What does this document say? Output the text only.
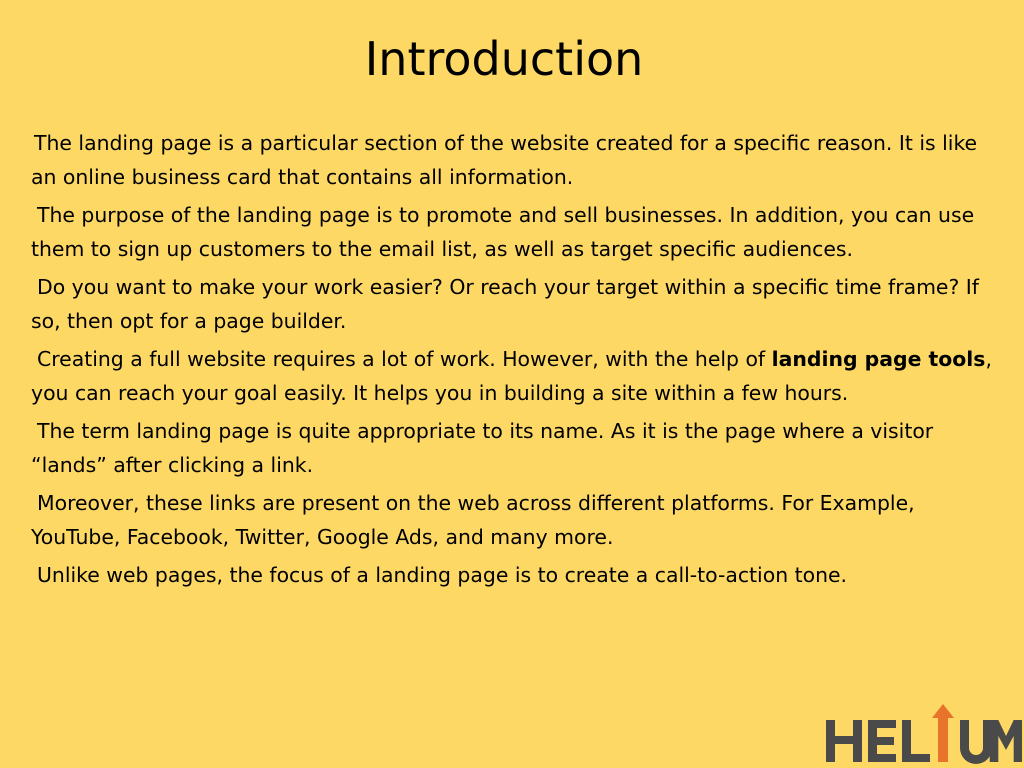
Introduction

The landing page is a particular section of the website created for a specific reason. It is like an online business card that contains all information.

The purpose of the landing page is to promote and sell businesses. In addition, you can use them to sign up customers to the email list, as well as target specific audiences.

Do you want to make your work easier? Or reach your target within a specific time frame? If so, then opt for a page builder.

Creating a full website requires a lot of work. However, with the help of landing page tools, you can reach your goal easily. It helps you in building a site within a few hours.

The term landing page is quite appropriate to its name. As it is the page where a visitor “lands” after clicking a link.

Moreover, these links are present on the web across different platforms. For Example, YouTube, Facebook, Twitter, Google Ads, and many more.

Unlike web pages, the focus of a landing page is to create a call-to-action tone.
